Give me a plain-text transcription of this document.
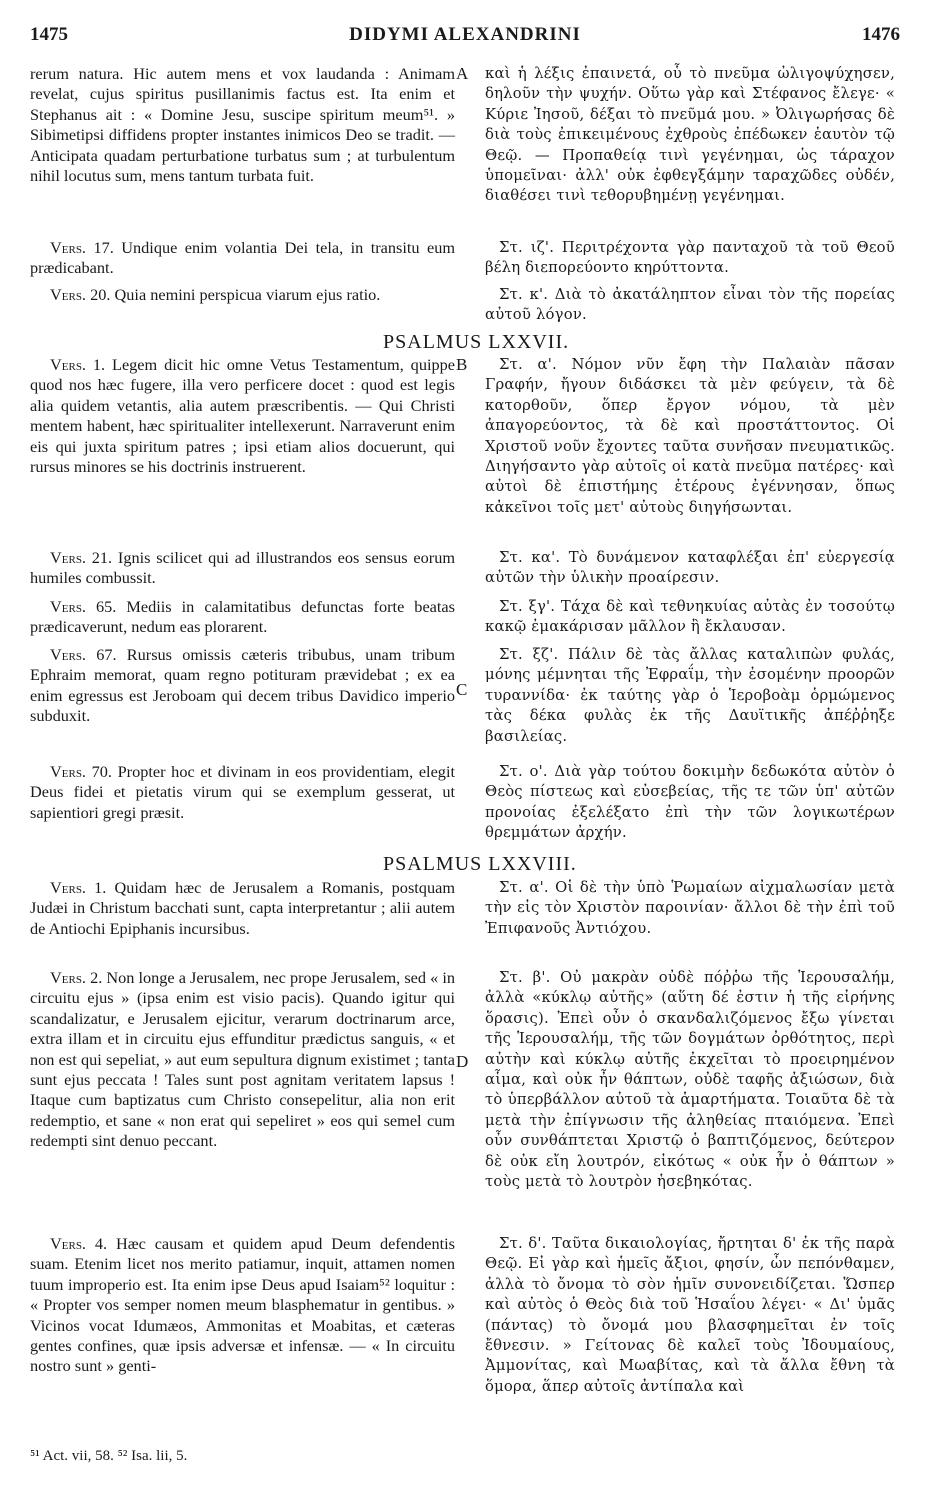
1475	DIDYMI ALEXANDRINI	1476
A
B
C
D
PSALMUS LXXVII.
PSALMUS LXXVIII.

rerum natura. Hic autem mens et vox laudanda : Animam revelat, cujus spiritus pusillanimis factus est. Ita enim et Stephanus ait : « Domine Jesu, suscipe spiritum meum⁵¹. » Sibimetipsi diffidens propter instantes inimicos Deo se tradit. — Anticipata quadam perturbatione turbatus sum ; at turbulentum nihil locutus sum, mens tantum turbata fuit.

Vers. 17. Undique enim volantia Dei tela, in transitu eum prædicabant.

Vers. 20. Quia nemini perspicua viarum ejus ratio.

Vers. 1. Legem dicit hic omne Vetus Testamentum, quippe quod nos hæc fugere, illa vero perficere docet : quod est legis alia quidem vetantis, alia autem præscribentis. — Qui Christi mentem habent, hæc spiritualiter intellexerunt. Narraverunt enim eis qui juxta spiritum patres ; ipsi etiam alios docuerunt, qui rursus minores se his doctrinis instruerent.

Vers. 21. Ignis scilicet qui ad illustrandos eos sensus eorum humiles combussit.

Vers. 65. Mediis in calamitatibus defunctas forte beatas prædicaverunt, nedum eas plorarent.

Vers. 67. Rursus omissis cæteris tribubus, unam tribum Ephraim memorat, quam regno potituram prævidebat ; ex ea enim egressus est Jeroboam qui decem tribus Davidico imperio subduxit.

Vers. 70. Propter hoc et divinam in eos providentiam, elegit Deus fidei et pietatis virum qui se exemplum gesserat, ut sapientiori gregi præsit.

Vers. 1. Quidam hæc de Jerusalem a Romanis, postquam Judæi in Christum bacchati sunt, capta interpretantur ; alii autem de Antiochi Epiphanis incursibus.

Vers. 2. Non longe a Jerusalem, nec prope Jerusalem, sed « in circuitu ejus » (ipsa enim est visio pacis). Quando igitur qui scandalizatur, e Jerusalem ejicitur, verarum doctrinarum arce, extra illam et in circuitu ejus effunditur prædictus sanguis, « et non est qui sepeliat, » aut eum sepultura dignum existimet ; tanta sunt ejus peccata ! Tales sunt post agnitam veritatem lapsus ! Itaque cum baptizatus cum Christo consepelitur, alia non erit redemptio, et sane « non erat qui sepeliret » eos qui semel cum redempti sint denuo peccant.

Vers. 4. Hæc causam et quidem apud Deum defendentis suam. Etenim licet nos merito patiamur, inquit, attamen nomen tuum improperio est. Ita enim ipse Deus apud Isaiam⁵² loquitur : « Propter vos semper nomen meum blasphematur in gentibus. » Vicinos vocat Idumæos, Ammonitas et Moabitas, et cæteras gentes confines, quæ ipsis adversæ et infensæ. — « In circuitu nostro sunt » genti-

καὶ ἡ λέξις ἐπαινετά, οὗ τὸ πνεῦμα ὠλιγοψύχησεν, δηλοῦν τὴν ψυχήν. Οὕτω γὰρ καὶ Στέφανος ἔλεγε· « Κύριε Ἰησοῦ, δέξαι τὸ πνεῦμά μου. » Ὀλιγωρήσας δὲ διὰ τοὺς ἐπικειμένους ἐχθροὺς ἐπέδωκεν ἑαυτὸν τῷ Θεῷ. — Προπαθείᾳ τινὶ γεγένημαι, ὡς τάραχον ὑπομεῖναι· ἀλλ' οὐκ ἐφθεγξάμην ταραχῶδες οὐδέν, διαθέσει τινὶ τεθορυβημένῃ γεγένημαι.

Στ. ιζ'. Περιτρέχοντα γὰρ πανταχοῦ τὰ τοῦ Θεοῦ βέλη διεπορεύοντο κηρύττοντα.

Στ. κ'. Διὰ τὸ ἀκατάληπτον εἶναι τὸν τῆς πορείας αὐτοῦ λόγον.

Στ. α'. Νόμον νῦν ἔφη τὴν Παλαιὰν πᾶσαν Γραφήν, ἤγουν διδάσκει τὰ μὲν φεύγειν, τὰ δὲ κατορθοῦν, ὅπερ ἔργον νόμου, τὰ μὲν ἀπαγορεύοντος, τὰ δὲ καὶ προστάττοντος. Οἱ Χριστοῦ νοῦν ἔχοντες ταῦτα συνῆσαν πνευματικῶς. Διηγήσαντο γὰρ αὐτοῖς οἱ κατὰ πνεῦμα πατέρες· καὶ αὐτοὶ δὲ ἐπιστήμης ἑτέρους ἐγέννησαν, ὅπως κἀκεῖνοι τοῖς μετ' αὐτοὺς διηγήσωνται.

Στ. κα'. Τὸ δυνάμενον καταφλέξαι ἐπ' εὐεργεσίᾳ αὐτῶν τὴν ὑλικὴν προαίρεσιν.

Στ. ξγ'. Τάχα δὲ καὶ τεθνηκυίας αὐτὰς ἐν τοσούτῳ κακῷ ἐμακάρισαν μᾶλλον ἢ ἔκλαυσαν.

Στ. ξζ'. Πάλιν δὲ τὰς ἄλλας καταλιπὼν φυλάς, μόνης μέμνηται τῆς Ἐφραΐμ, τὴν ἐσομένην προορῶν τυραννίδα· ἐκ ταύτης γὰρ ὁ Ἱεροβοὰμ ὁρμώμενος τὰς δέκα φυλὰς ἐκ τῆς Δαυϊτικῆς ἀπέῤῥηξε βασιλείας.

Στ. ο'. Διὰ γὰρ τούτου δοκιμὴν δεδωκότα αὐτὸν ὁ Θεὸς πίστεως καὶ εὐσεβείας, τῆς τε τῶν ὑπ' αὐτῶν προνοίας ἐξελέξατο ἐπὶ τὴν τῶν λογικωτέρων θρεμμάτων ἀρχήν.

Στ. α'. Οἱ δὲ τὴν ὑπὸ Ῥωμαίων αἰχμαλωσίαν μετὰ τὴν εἰς τὸν Χριστὸν παροινίαν· ἄλλοι δὲ τὴν ἐπὶ τοῦ Ἐπιφανοῦς Ἀντιόχου.

Στ. β'. Οὐ μακρὰν οὐδὲ πόῤῥω τῆς Ἱερουσαλήμ, ἀλλὰ «κύκλῳ αὐτῆς» (αὕτη δέ ἐστιν ἡ τῆς εἰρήνης ὅρασις). Ἐπεὶ οὖν ὁ σκανδαλιζόμενος ἔξω γίνεται τῆς Ἱερουσαλήμ, τῆς τῶν δογμάτων ὀρθότητος, περὶ αὐτὴν καὶ κύκλῳ αὐτῆς ἐκχεῖται τὸ προειρημένον αἷμα, καὶ οὐκ ἦν θάπτων, οὐδὲ ταφῆς ἀξιώσων, διὰ τὸ ὑπερβάλλον αὐτοῦ τὰ ἁμαρτήματα. Τοιαῦτα δὲ τὰ μετὰ τὴν ἐπίγνωσιν τῆς ἀληθείας πταιόμενα. Ἐπεὶ οὖν συνθάπτεται Χριστῷ ὁ βαπτιζόμενος, δεύτερον δὲ οὐκ εἴη λουτρόν, εἰκότως « οὐκ ἦν ὁ θάπτων » τοὺς μετὰ τὸ λουτρὸν ἡσεβηκότας.

Στ. δ'. Ταῦτα δικαιολογίας, ἤρτηται δ' ἐκ τῆς παρὰ Θεῷ. Εἰ γὰρ καὶ ἡμεῖς ἄξιοι, φησίν, ὧν πεπόνθαμεν, ἀλλὰ τὸ ὄνομα τὸ σὸν ἡμῖν συνονειδίζεται. Ὥσπερ καὶ αὐτὸς ὁ Θεὸς διὰ τοῦ Ἡσαΐου λέγει· « Δι' ὑμᾶς (πάντας) τὸ ὄνομά μου βλασφημεῖται ἐν τοῖς ἔθνεσιν. » Γείτονας δὲ καλεῖ τοὺς Ἰδουμαίους, Ἀμμονίτας, καὶ Μωαβίτας, καὶ τὰ ἄλλα ἔθνη τὰ ὅμορα, ἅπερ αὐτοῖς ἀντίπαλα καὶ

⁵¹ Act. vii, 58. ⁵² Isa. lii, 5.
